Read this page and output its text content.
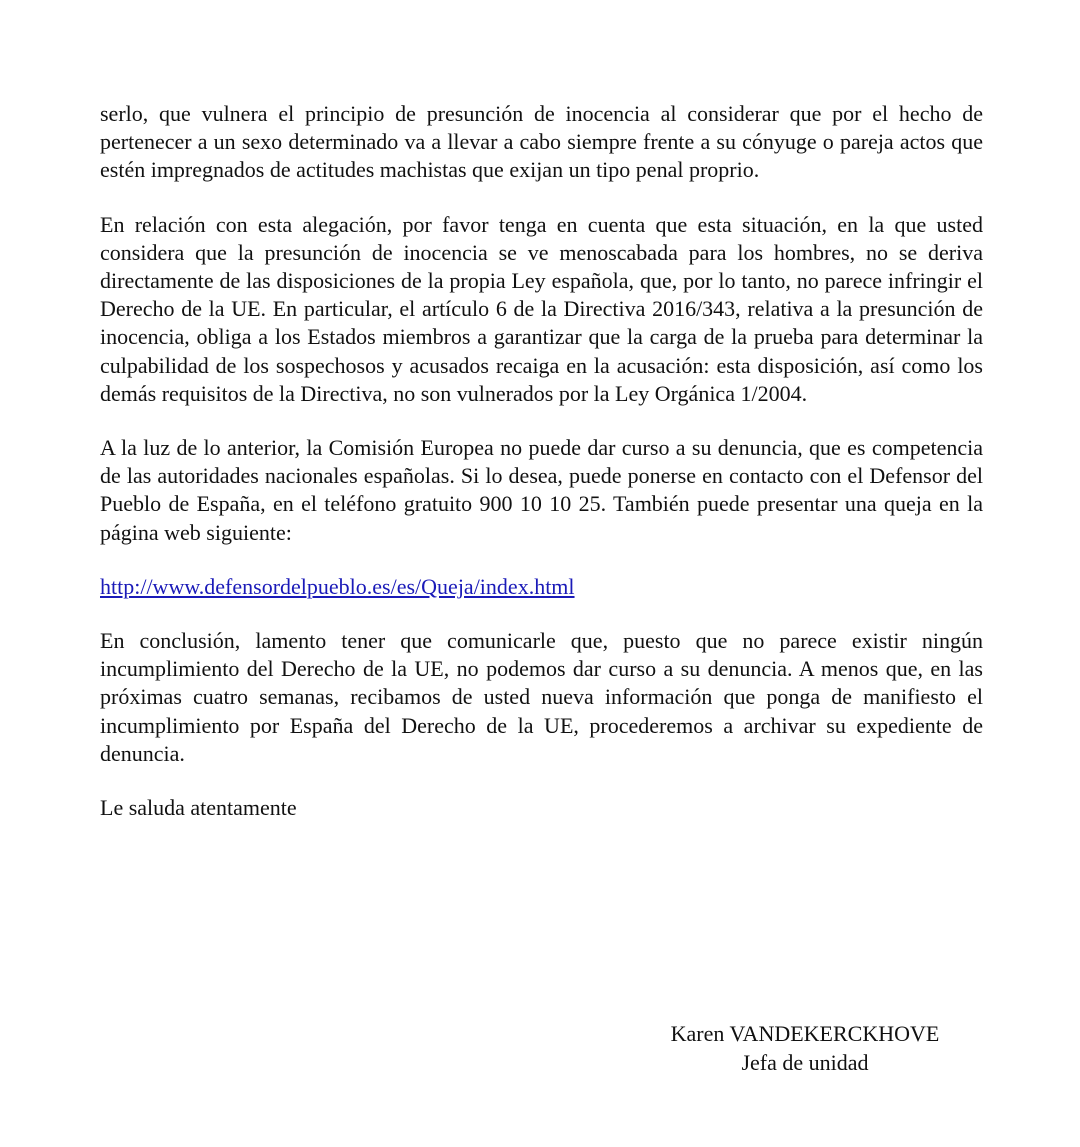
serlo, que vulnera el principio de presunción de inocencia al considerar que por el hecho de pertenecer a un sexo determinado va a llevar a cabo siempre frente a su cónyuge o pareja actos que estén impregnados de actitudes machistas que exijan un tipo penal proprio.

En relación con esta alegación, por favor tenga en cuenta que esta situación, en la que usted considera que la presunción de inocencia se ve menoscabada para los hombres, no se deriva directamente de las disposiciones de la propia Ley española, que, por lo tanto, no parece infringir el Derecho de la UE. En particular, el artículo 6 de la Directiva 2016/343, relativa a la presunción de inocencia, obliga a los Estados miembros a garantizar que la carga de la prueba para determinar la culpabilidad de los sospechosos y acusados recaiga en la acusación: esta disposición, así como los demás requisitos de la Directiva, no son vulnerados por la Ley Orgánica 1/2004.

A la luz de lo anterior, la Comisión Europea no puede dar curso a su denuncia, que es competencia de las autoridades nacionales españolas. Si lo desea, puede ponerse en contacto con el Defensor del Pueblo de España, en el teléfono gratuito 900 10 10 25. También puede presentar una queja en la página web siguiente:

http://www.defensordelpueblo.es/es/Queja/index.html

En conclusión, lamento tener que comunicarle que, puesto que no parece existir ningún incumplimiento del Derecho de la UE, no podemos dar curso a su denuncia. A menos que, en las próximas cuatro semanas, recibamos de usted nueva información que ponga de manifiesto el incumplimiento por España del Derecho de la UE, procederemos a archivar su expediente de denuncia.

Le saluda atentamente

Karen VANDEKERCKHOVE
Jefa de unidad
